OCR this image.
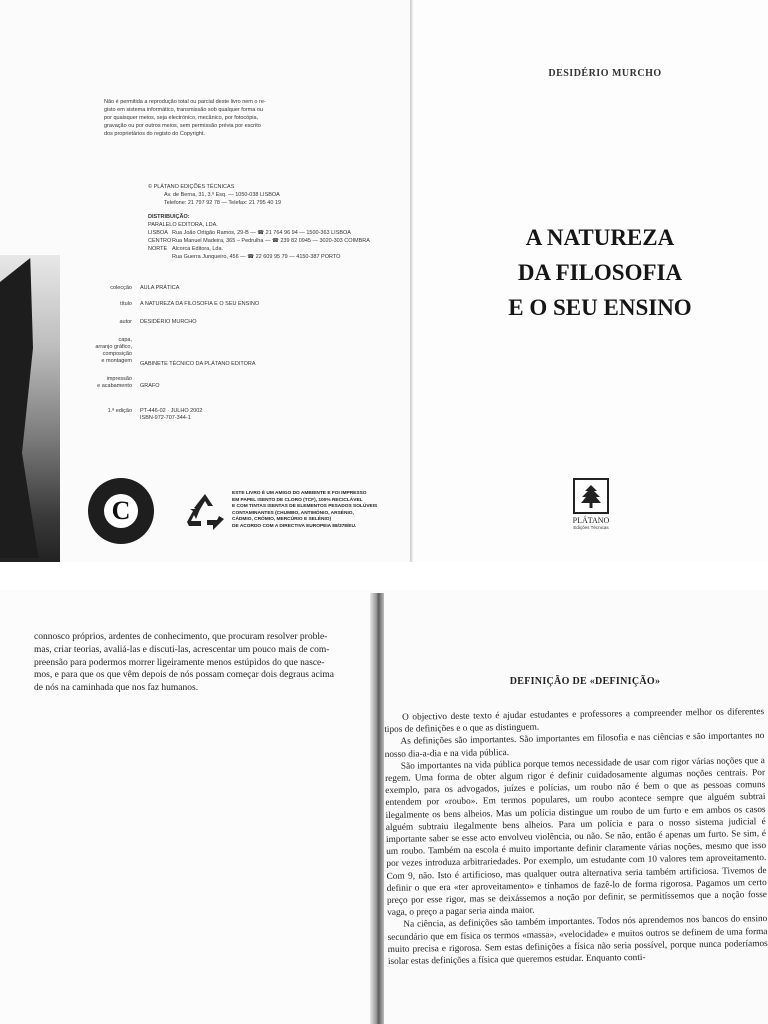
Não é permitida a reprodução total ou parcial deste livro nem o re-
gisto em sistema informático, transmissão sob qualquer forma ou
por quaisquer meios, seja electrónico, mecânico, por fotocópia,
gravação ou por outros meios, sem permissão prévia por escrito
dos proprietários do registo do Copyright.
© PLÁTANO EDIÇÕES TÉCNICAS
Av. de Berna, 31, 3.º Esq. — 1050-038 LISBOA
Telefone: 21 797 92 78 — Telefax: 21 795 40 19
DISTRIBUIÇÃO:
PARALELO EDITORA, LDA.
LISBOA Rua João Ortigão Ramos, 29-B — ☎ 21 764 96 94 — 1500-363 LISBOA
CENTRO Rua Manuel Madeira, 365 – Pedrulha — ☎ 239 82 0945 — 3020-303 COIMBRA
NORTE Alcorca Editora, Lda.
Rua Guerra Junqueiro, 456 — ☎ 22 609 95 79 — 4150-387 PORTO
colecção	AULA PRÁTICA
título	A NATUREZA DA FILOSOFIA E O SEU ENSINO
autor	DESIDÉRIO MURCHO
capa,
arranjo gráfico,
composição
e montagem	GABINETE TÉCNICO DA PLÁTANO EDITORA
impressão
e acabamento	GRAFO
1.ª edição	PT-446-02 · JULHO 2002
ISBN-972-707-344-1
C
ESTE LIVRO É UM AMIGO DO AMBIENTE E FOI IMPRESSO
EM PAPEL ISENTO DE CLORO (TCF), 100% RECICLÁVEL
E COM TINTAS ISENTAS DE ELEMENTOS PESADOS SOLÚVEIS
CONTAMINANTES (CHUMBO, ANTIMÓNIO, ARSÉNIO,
CÁDMIO, CRÓMIO, MERCÚRIO E SELÉNIO)
DE ACORDO COM A DIRECTIVA EUROPEIA 88/378/EU.
DESIDÉRIO MURCHO
A NATUREZA
DA FILOSOFIA
E O SEU ENSINO
PLÁTANO
Edições Técnicas
connosco próprios, ardentes de conhecimento, que procuram resolver proble-
mas, criar teorias, avaliá-las e discuti-las, acrescentar um pouco mais de com-
preensão para podermos morrer ligeiramente menos estúpidos do que nasce-
mos, e para que os que vêm depois de nós possam começar dois degraus acima
de nós na caminhada que nos faz humanos.
DEFINIÇÃO DE «DEFINIÇÃO»

O objectivo deste texto é ajudar estudantes e professores a compreender melhor os diferentes tipos de definições e o que as distinguem.

As definições são importantes. São importantes em filosofia e nas ciências e são importantes no nosso dia-a-dia e na vida pública.

São importantes na vida pública porque temos necessidade de usar com rigor várias noções que a regem. Uma forma de obter algum rigor é definir cuidadosamente algumas noções centrais. Por exemplo, para os advogados, juízes e polícias, um roubo não é bem o que as pessoas comuns entendem por «roubo». Em termos populares, um roubo acontece sempre que alguém subtrai ilegalmente os bens alheios. Mas um polícia distingue um roubo de um furto e em ambos os casos alguém subtraiu ilegalmente bens alheios. Para um polícia e para o nosso sistema judicial é importante saber se esse acto envolveu violência, ou não. Se não, então é apenas um furto. Se sim, é um roubo. Também na escola é muito importante definir claramente várias noções, mesmo que isso por vezes introduza arbitrariedades. Por exemplo, um estudante com 10 valores tem aproveitamento. Com 9, não. Isto é artificioso, mas qualquer outra alternativa seria também artificiosa. Tivemos de definir o que era «ter aproveitamento» e tínhamos de fazê-lo de forma rigorosa. Pagamos um certo preço por esse rigor, mas se deixássemos a noção por definir, se permitíssemos que a noção fosse vaga, o preço a pagar seria ainda maior.

Na ciência, as definições são também importantes. Todos nós aprendemos nos bancos do ensino secundário que em física os termos «massa», «velocidade» e muitos outros se definem de uma forma muito precisa e rigorosa. Sem estas definições a física não seria possível, porque nunca poderíamos isolar estas definições a física que queremos estudar. Enquanto conti-
